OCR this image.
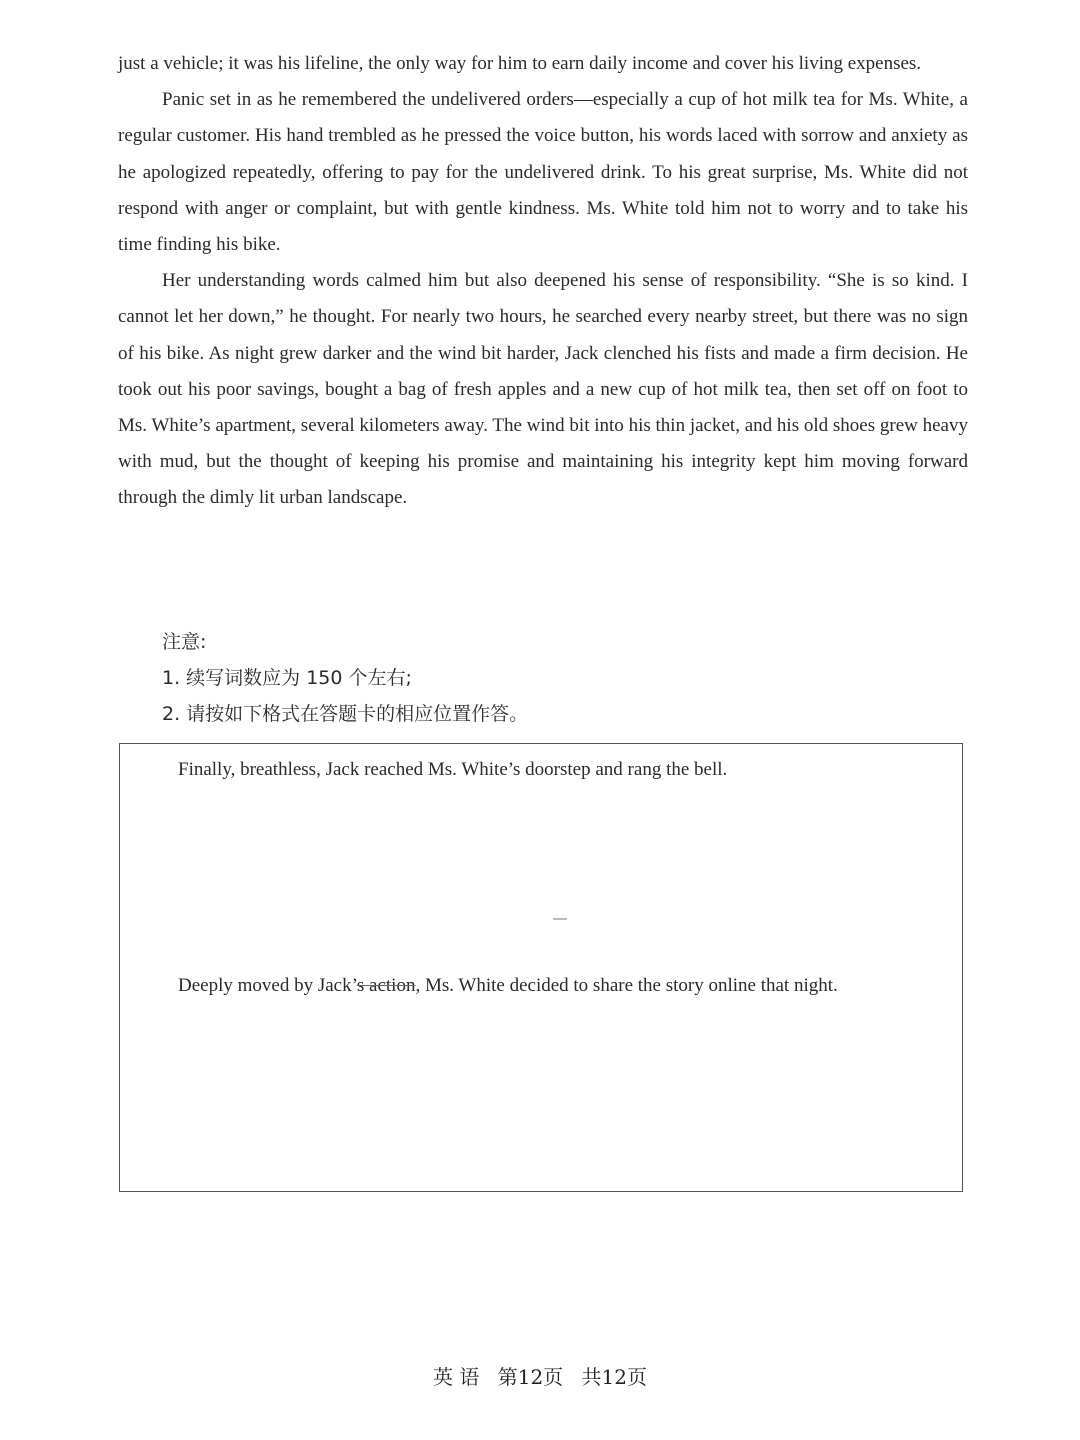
just a vehicle; it was his lifeline, the only way for him to earn daily income and cover his living expenses.

Panic set in as he remembered the undelivered orders—especially a cup of hot milk tea for Ms. White, a regular customer. His hand trembled as he pressed the voice button, his words laced with sorrow and anxiety as he apologized repeatedly, offering to pay for the undelivered drink. To his great surprise, Ms. White did not respond with anger or complaint, but with gentle kindness. Ms. White told him not to worry and to take his time finding his bike.

Her understanding words calmed him but also deepened his sense of responsibility. “She is so kind. I cannot let her down,” he thought. For nearly two hours, he searched every nearby street, but there was no sign of his bike. As night grew darker and the wind bit harder, Jack clenched his fists and made a firm decision. He took out his poor savings, bought a bag of fresh apples and a new cup of hot milk tea, then set off on foot to Ms. White’s apartment, several kilometers away. The wind bit into his thin jacket, and his old shoes grew heavy with mud, but the thought of keeping his promise and maintaining his integrity kept him moving forward through the dimly lit urban landscape.

注意:
1. 续写词数应为 150 个左右;
2. 请按如下格式在答题卡的相应位置作答。
Finally, breathless, Jack reached Ms. White’s doorstep and rang the bell.
Deeply moved by Jack’s action, Ms. White decided to share the story online that night.
英 语 第12页 共12页
